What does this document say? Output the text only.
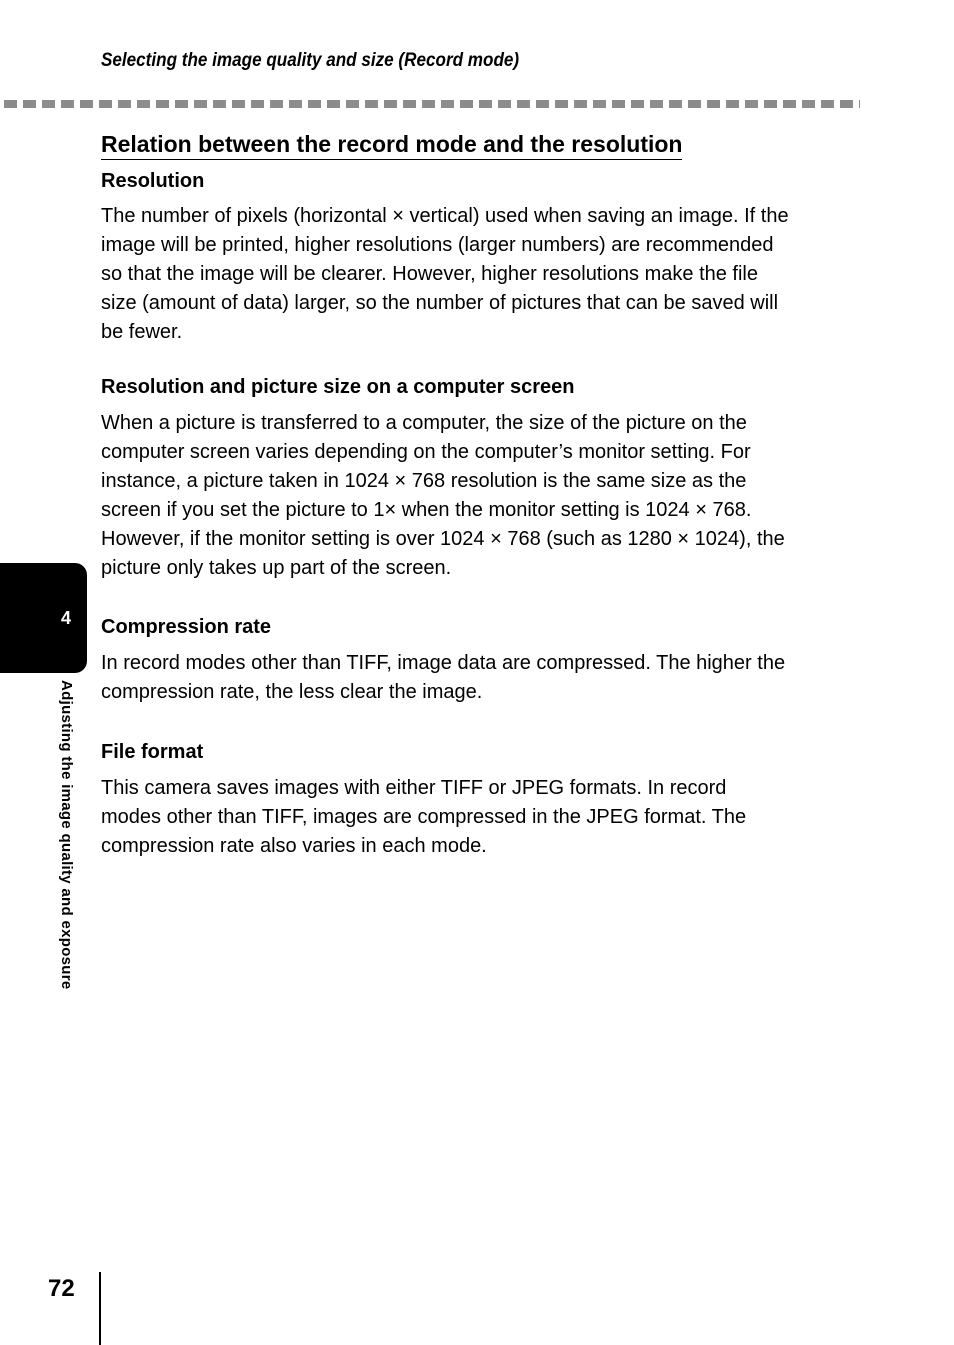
Selecting the image quality and size (Record mode)
Relation between the record mode and the resolution
Resolution
The number of pixels (horizontal × vertical) used when saving an image. If the
image will be printed, higher resolutions (larger numbers) are recommended
so that the image will be clearer. However, higher resolutions make the file
size (amount of data) larger, so the number of pictures that can be saved will
be fewer.
Resolution and picture size on a computer screen
When a picture is transferred to a computer, the size of the picture on the
computer screen varies depending on the computer’s monitor setting. For
instance, a picture taken in 1024 × 768 resolution is the same size as the
screen if you set the picture to 1× when the monitor setting is 1024 × 768.
However, if the monitor setting is over 1024 × 768 (such as 1280 × 1024), the
picture only takes up part of the screen.
Compression rate
In record modes other than TIFF, image data are compressed. The higher the
compression rate, the less clear the image.
File format
This camera saves images with either TIFF or JPEG formats. In record
modes other than TIFF, images are compressed in the JPEG format. The
compression rate also varies in each mode.
4
Adjusting the image quality and exposure
72
